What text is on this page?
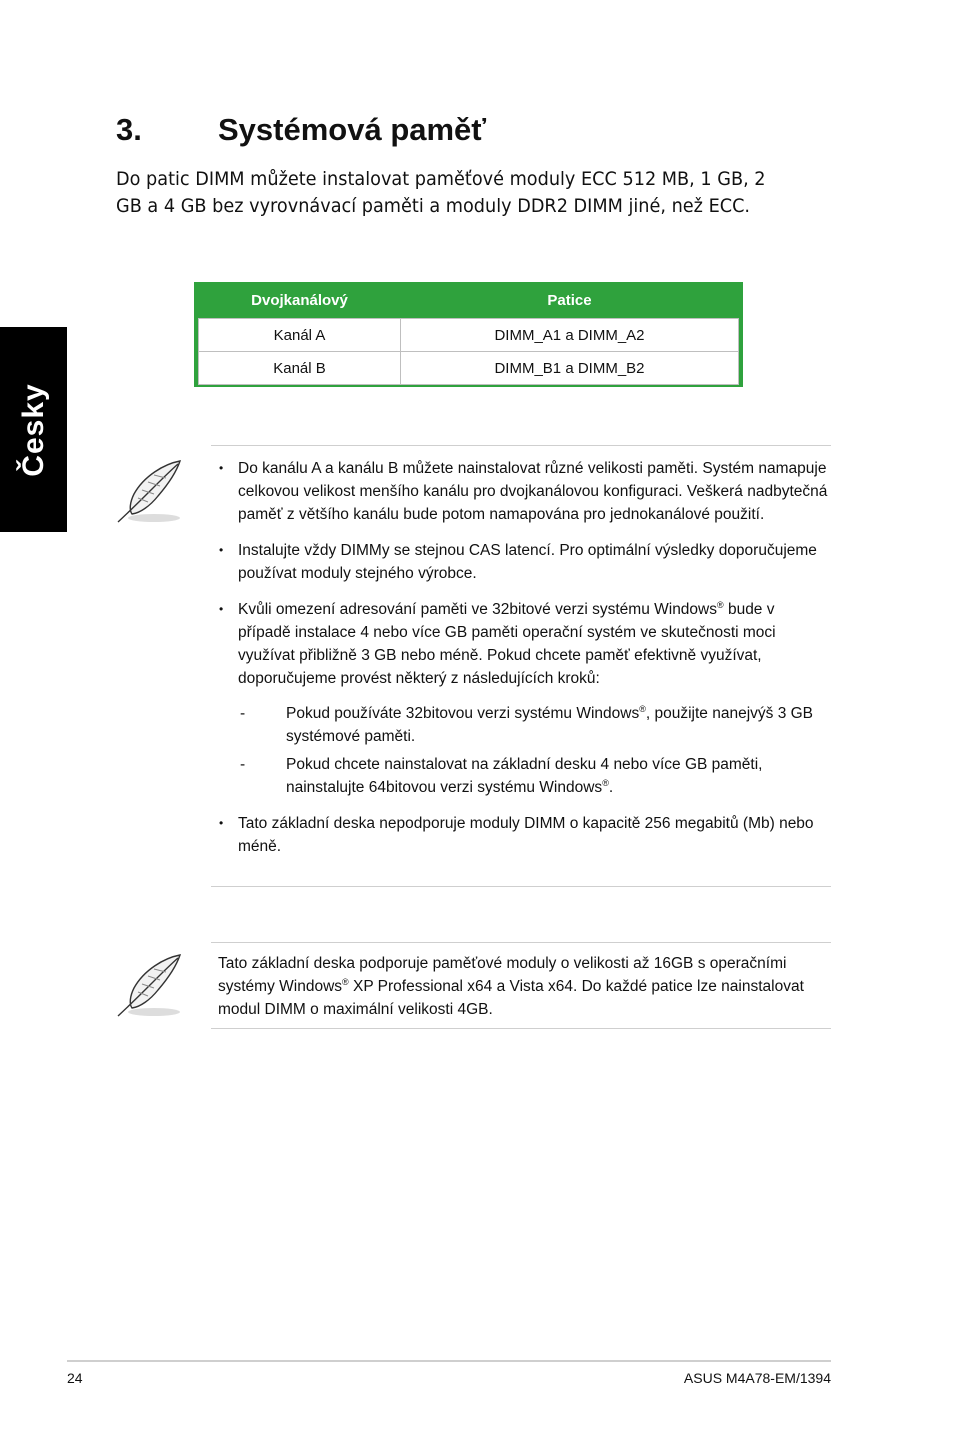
Česky
3. Systémová paměť

Do patic DIMM můžete instalovat paměťové moduly ECC 512 MB, 1 GB, 2 GB a 4 GB bez vyrovnávací paměti a moduly DDR2 DIMM jiné, než ECC.

Dvojkanálový	Patice
Kanál A	DIMM_A1 a DIMM_A2
Kanál B	DIMM_B1 a DIMM_B2
• Do kanálu A a kanálu B můžete nainstalovat různé velikosti paměti. Systém namapuje celkovou velikost menšího kanálu pro dvojkanálovou konfiguraci. Veškerá nadbytečná paměť z většího kanálu bude potom namapována pro jednokanálové použití.
• Instalujte vždy DIMMy se stejnou CAS latencí. Pro optimální výsledky doporučujeme používat moduly stejného výrobce.
• Kvůli omezení adresování paměti ve 32bitové verzi systému Windows® bude v případě instalace 4 nebo více GB paměti operační systém ve skutečnosti moci využívat přibližně 3 GB nebo méně. Pokud chcete paměť efektivně využívat, doporučujeme provést některý z následujících kroků:
- Pokud používáte 32bitovou verzi systému Windows®, použijte nanejvýš 3 GB systémové paměti.
- Pokud chcete nainstalovat na základní desku 4 nebo více GB paměti, nainstalujte 64bitovou verzi systému Windows®.
• Tato základní deska nepodporuje moduly DIMM o kapacitě 256 megabitů (Mb) nebo méně.

Tato základní deska podporuje paměťové moduly o velikosti až 16GB s operačními systémy Windows® XP Professional x64 a Vista x64. Do každé patice lze nainstalovat modul DIMM o maximální velikosti 4GB.

24	ASUS M4A78-EM/1394
